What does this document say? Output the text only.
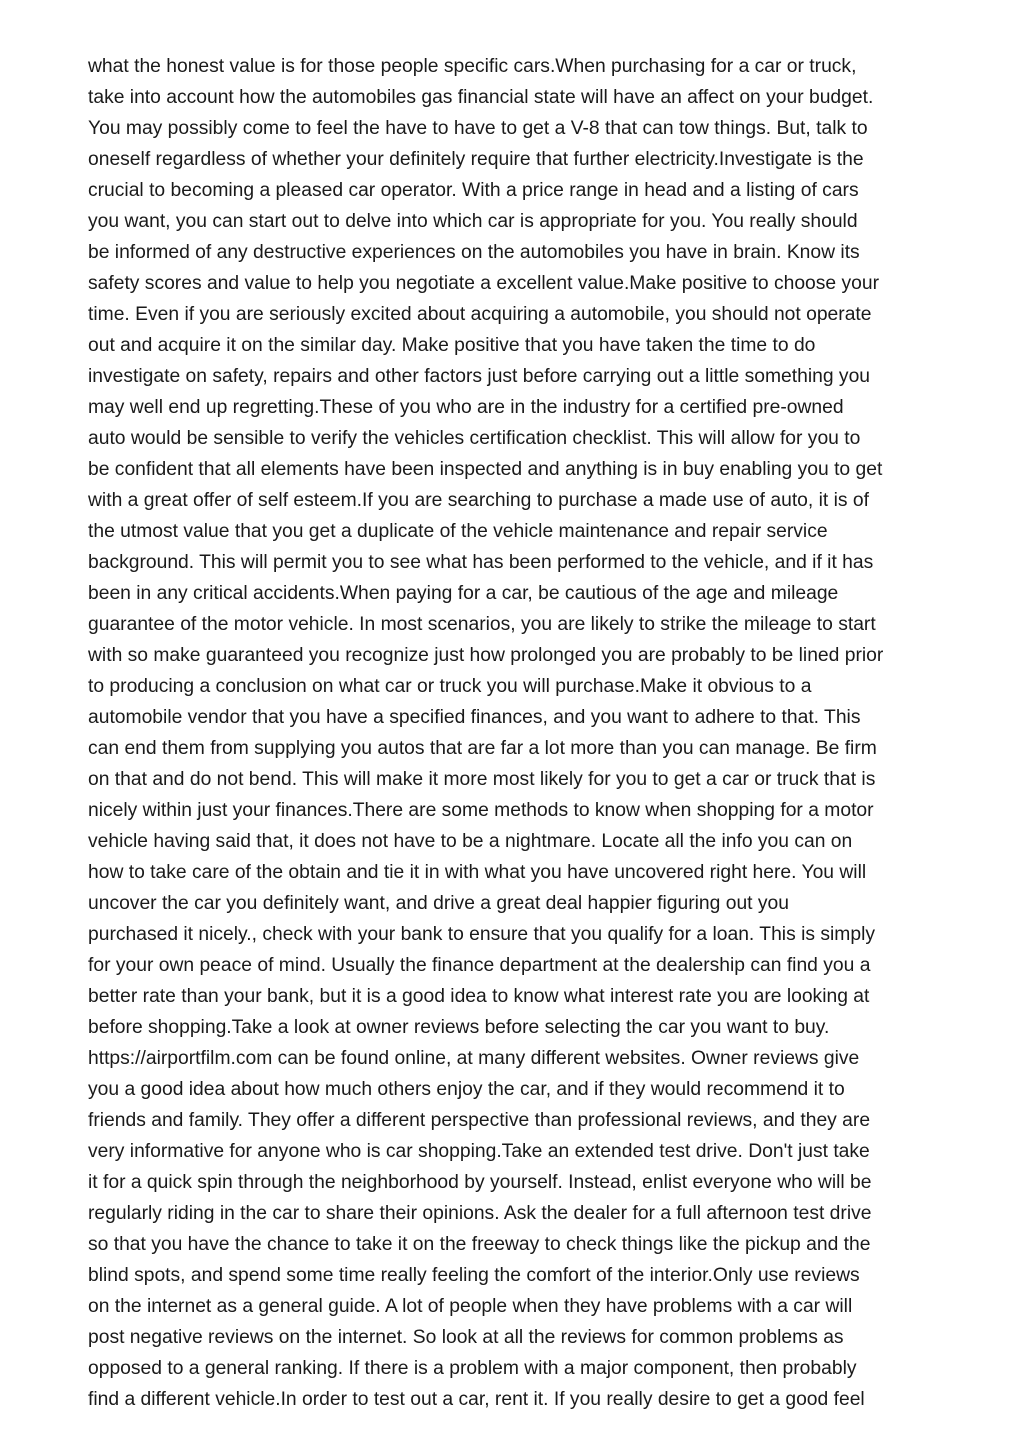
what the honest value is for those people specific cars.When purchasing for a car or truck,
take into account how the automobiles gas financial state will have an affect on your budget.
You may possibly come to feel the have to have to get a V-8 that can tow things. But, talk to
oneself regardless of whether your definitely require that further electricity.Investigate is the
crucial to becoming a pleased car operator. With a price range in head and a listing of cars
you want, you can start out to delve into which car is appropriate for you. You really should
be informed of any destructive experiences on the automobiles you have in brain. Know its
safety scores and value to help you negotiate a excellent value.Make positive to choose your
time. Even if you are seriously excited about acquiring a automobile, you should not operate
out and acquire it on the similar day. Make positive that you have taken the time to do
investigate on safety, repairs and other factors just before carrying out a little something you
may well end up regretting.These of you who are in the industry for a certified pre-owned
auto would be sensible to verify the vehicles certification checklist. This will allow for you to
be confident that all elements have been inspected and anything is in buy enabling you to get
with a great offer of self esteem.If you are searching to purchase a made use of auto, it is of
the utmost value that you get a duplicate of the vehicle maintenance and repair service
background. This will permit you to see what has been performed to the vehicle, and if it has
been in any critical accidents.When paying for a car, be cautious of the age and mileage
guarantee of the motor vehicle. In most scenarios, you are likely to strike the mileage to start
with so make guaranteed you recognize just how prolonged you are probably to be lined prior
to producing a conclusion on what car or truck you will purchase.Make it obvious to a
automobile vendor that you have a specified finances, and you want to adhere to that. This
can end them from supplying you autos that are far a lot more than you can manage. Be firm
on that and do not bend. This will make it more most likely for you to get a car or truck that is
nicely within just your finances.There are some methods to know when shopping for a motor
vehicle having said that, it does not have to be a nightmare. Locate all the info you can on
how to take care of the obtain and tie it in with what you have uncovered right here. You will
uncover the car you definitely want, and drive a great deal happier figuring out you
purchased it nicely., check with your bank to ensure that you qualify for a loan. This is simply
for your own peace of mind. Usually the finance department at the dealership can find you a
better rate than your bank, but it is a good idea to know what interest rate you are looking at
before shopping.Take a look at owner reviews before selecting the car you want to buy.
https://airportfilm.com can be found online, at many different websites. Owner reviews give
you a good idea about how much others enjoy the car, and if they would recommend it to
friends and family. They offer a different perspective than professional reviews, and they are
very informative for anyone who is car shopping.Take an extended test drive. Don't just take
it for a quick spin through the neighborhood by yourself. Instead, enlist everyone who will be
regularly riding in the car to share their opinions. Ask the dealer for a full afternoon test drive
so that you have the chance to take it on the freeway to check things like the pickup and the
blind spots, and spend some time really feeling the comfort of the interior.Only use reviews
on the internet as a general guide. A lot of people when they have problems with a car will
post negative reviews on the internet. So look at all the reviews for common problems as
opposed to a general ranking. If there is a problem with a major component, then probably
find a different vehicle.In order to test out a car, rent it. If you really desire to get a good feel
